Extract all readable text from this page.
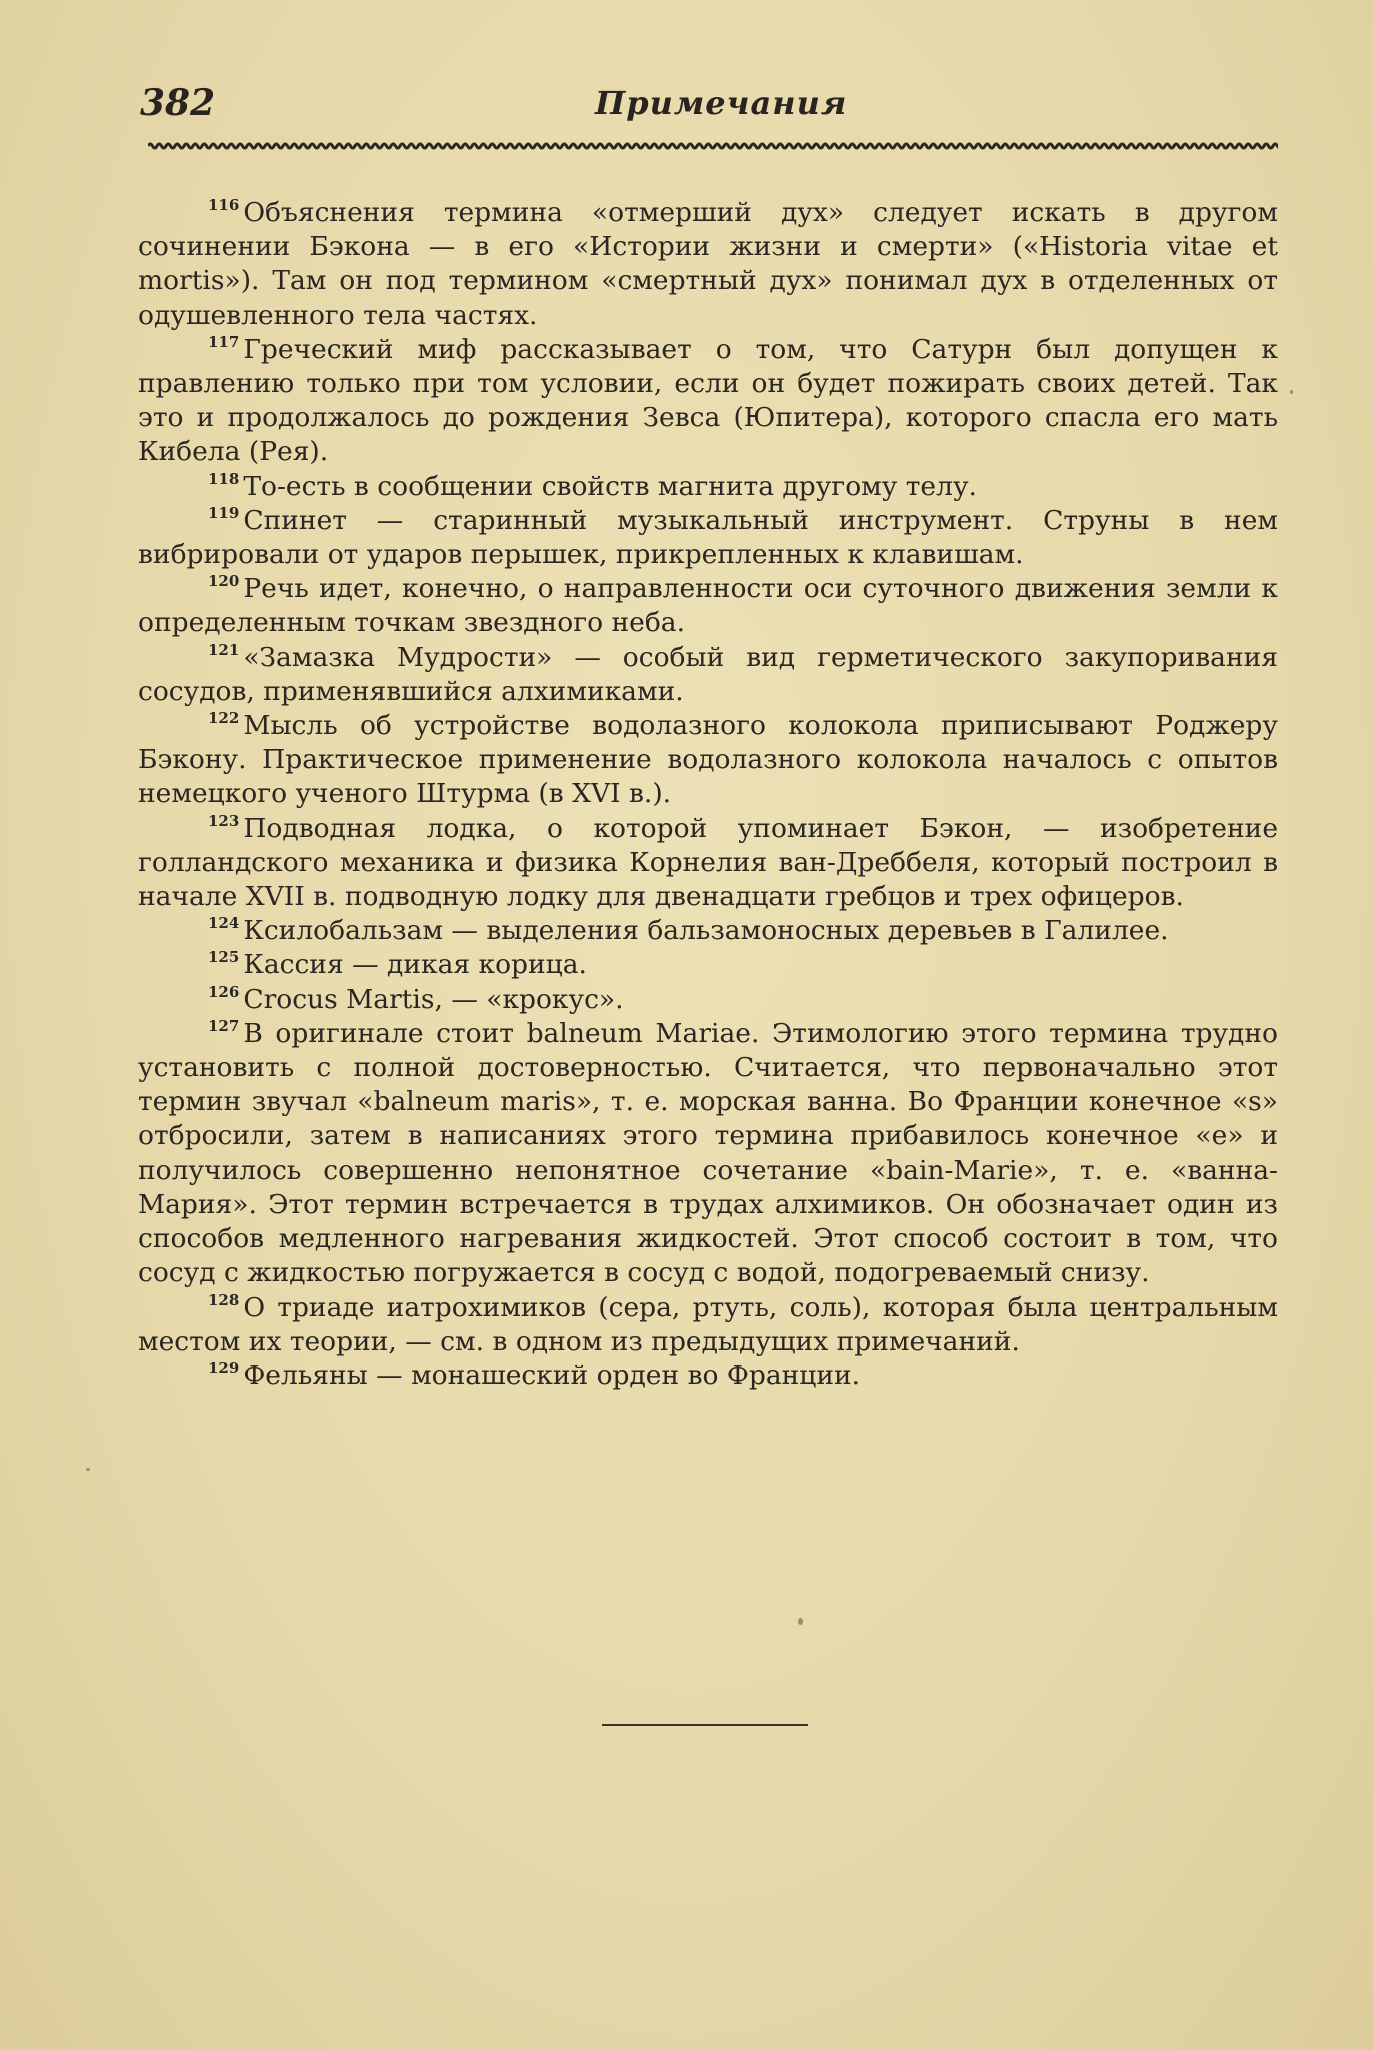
382	Примечания

$^{116}$ Объяснения термина «отмерший дух» следует искать в другом сочинении Бэкона — в его «Истории жизни и смерти» («Historia vitae et mortis»). Там он под термином «смертный дух» понимал дух в отделенных от одушевленного тела частях.

$^{117}$ Греческий миф рассказывает о том, что Сатурн был допущен к правлению только при том условии, если он будет пожирать своих детей. Так это и продолжалось до рождения Зевса (Юпитера), которого спасла его мать Кибела (Рея).

$^{118}$ То-есть в сообщении свойств магнита другому телу.

$^{119}$ Спинет — старинный музыкальный инструмент. Струны в нем вибрировали от ударов перышек, прикрепленных к клавишам.

$^{120}$ Речь идет, конечно, о направленности оси суточного движения земли к определенным точкам звездного неба.

$^{121}$ «Замазка Мудрости» — особый вид герметического закупоривания сосудов, применявшийся алхимиками.

$^{122}$ Мысль об устройстве водолазного колокола приписывают Роджеру Бэкону. Практическое применение водолазного колокола началось с опытов немецкого ученого Штурма (в XVI в.).

$^{123}$ Подводная лодка, о которой упоминает Бэкон, — изобретение голландского механика и физика Корнелия ван-Дреббеля, который построил в начале XVII в. подводную лодку для двенадцати гребцов и трех офицеров.

$^{124}$ Ксилобальзам — выделения бальзамоносных деревьев в Галилее.

$^{125}$ Кассия — дикая корица.

$^{126}$ Crocus Martis, — «крокус».

$^{127}$ В оригинале стоит balneum Mariae. Этимологию этого термина трудно установить с полной достоверностью. Считается, что первоначально этот термин звучал «balneum maris», т. е. морская ванна. Во Франции конечное «s» отбросили, затем в написаниях этого термина прибавилось конечное «e» и получилось совершенно непонятное сочетание «bain-Marie», т. е. «ванна-Мария». Этот термин встречается в трудах алхимиков. Он обозначает один из способов медленного нагревания жидкостей. Этот способ состоит в том, что сосуд с жидкостью погружается в сосуд с водой, подогреваемый снизу.

$^{128}$ О триаде иатрохимиков (сера, ртуть, соль), которая была центральным местом их теории, — см. в одном из предыдущих примечаний.

$^{129}$ Фельяны — монашеский орден во Франции.
